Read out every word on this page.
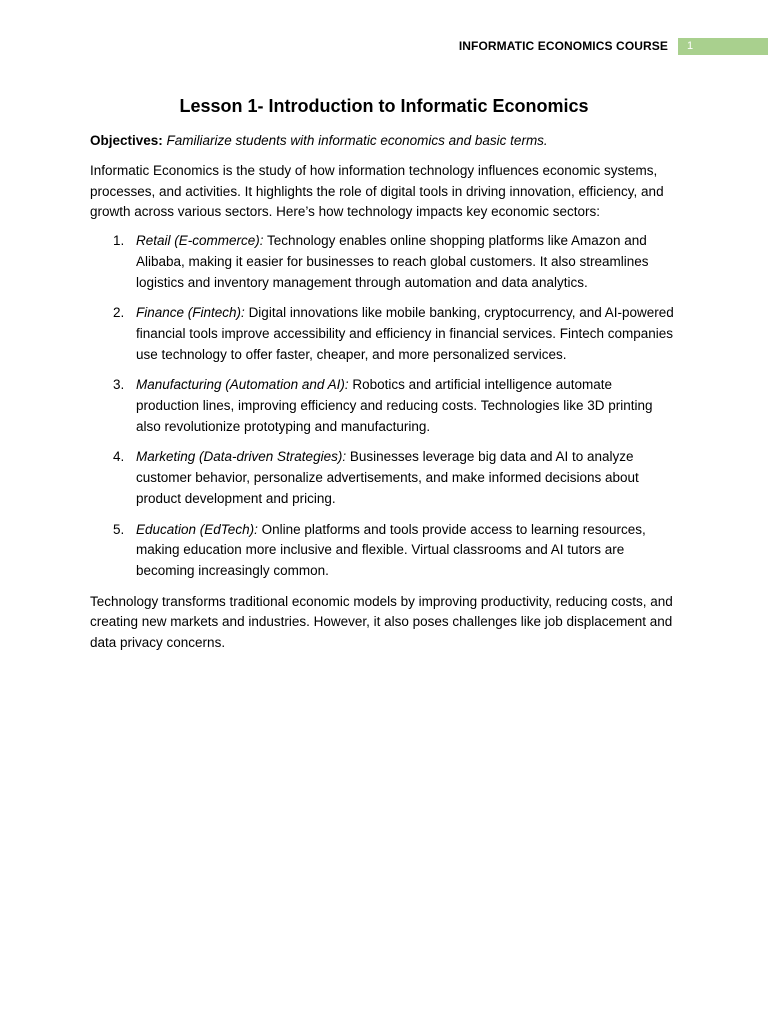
INFORMATIC ECONOMICS COURSE	1
Lesson 1- Introduction to Informatic Economics

Objectives: Familiarize students with informatic economics and basic terms.

Informatic Economics is the study of how information technology influences economic systems, processes, and activities. It highlights the role of digital tools in driving innovation, efficiency, and growth across various sectors. Here’s how technology impacts key economic sectors:

1. Retail (E-commerce): Technology enables online shopping platforms like Amazon and Alibaba, making it easier for businesses to reach global customers. It also streamlines logistics and inventory management through automation and data analytics.
2. Finance (Fintech): Digital innovations like mobile banking, cryptocurrency, and AI-powered financial tools improve accessibility and efficiency in financial services. Fintech companies use technology to offer faster, cheaper, and more personalized services.
3. Manufacturing (Automation and AI): Robotics and artificial intelligence automate production lines, improving efficiency and reducing costs. Technologies like 3D printing also revolutionize prototyping and manufacturing.
4. Marketing (Data-driven Strategies): Businesses leverage big data and AI to analyze customer behavior, personalize advertisements, and make informed decisions about product development and pricing.
5. Education (EdTech): Online platforms and tools provide access to learning resources, making education more inclusive and flexible. Virtual classrooms and AI tutors are becoming increasingly common.

Technology transforms traditional economic models by improving productivity, reducing costs, and creating new markets and industries. However, it also poses challenges like job displacement and data privacy concerns.
